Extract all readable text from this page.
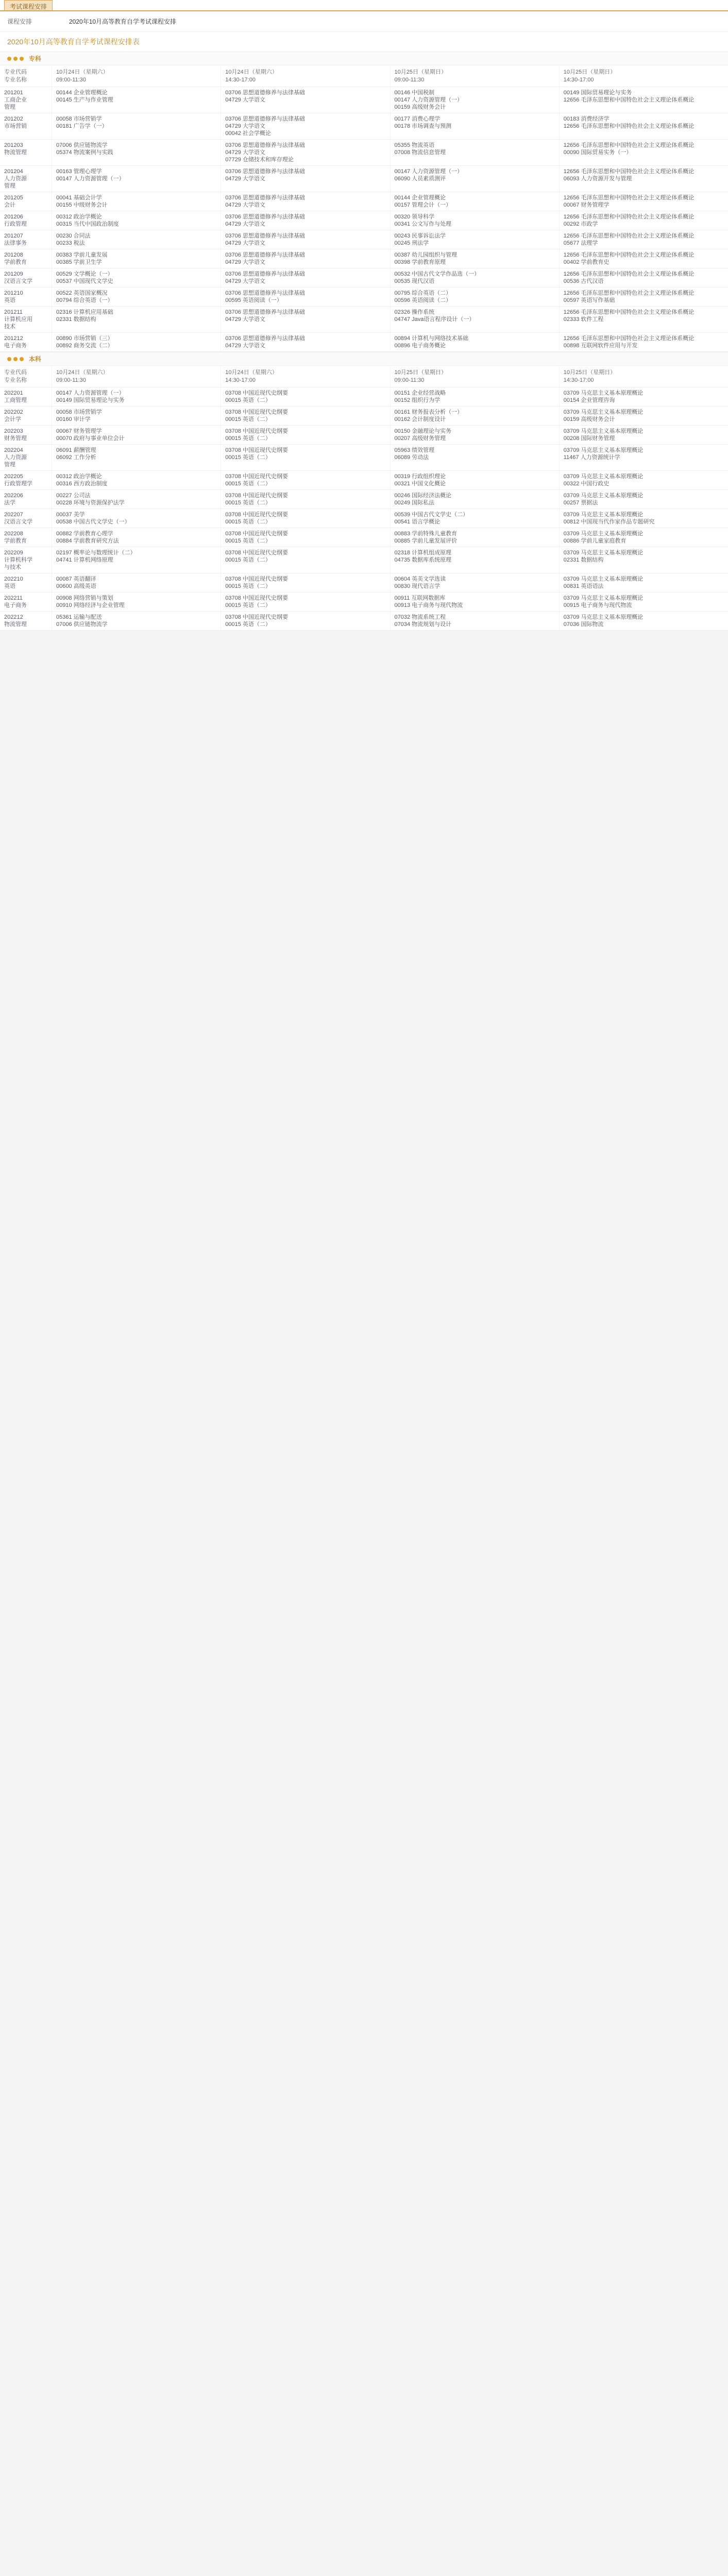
考试课程安排
课程安排	2020年10月高等教育自学考试课程安排
2020年10月高等教育自学考试课程安排表
专科
专业代码
专业名称
10月24日（星期六）
09:00-11:30
10月24日（星期六）
14:30-17:00
10月25日（星期日）
09:00-11:30
10月25日（星期日）
14:30-17:00
201201
工商企业
管理
00144 企业管理概论
00145 生产与作业管理
03706 思想道德修养与法律基础
04729 大学语文
00146 中国税制
00147 人力资源管理（一）
00159 高级财务会计
00149 国际贸易理论与实务
12656 毛泽东思想和中国特色社会主义理论体系概论
201202
市场营销
00058 市场营销学
00181 广告学（一）
03706 思想道德修养与法律基础
04729 大学语文
00042 社会学概论
00177 消费心理学
00178 市场调查与预测
00183 消费经济学
12656 毛泽东思想和中国特色社会主义理论体系概论
201203
物流管理
07006 供应链物流学
05374 物流案例与实践
03706 思想道德修养与法律基础
04729 大学语文
07729 仓储技术和库存理论
05355 物流英语
07008 物流信息管理
12656 毛泽东思想和中国特色社会主义理论体系概论
00090 国际贸易实务（一）
201204
人力资源
管理
00163 管理心理学
00147 人力资源管理（一）
03706 思想道德修养与法律基础
04729 大学语文
00147 人力资源管理（一）
06090 人员素质测评
12656 毛泽东思想和中国特色社会主义理论体系概论
06093 人力资源开发与管理
201205
会计
00041 基础会计学
00155 中级财务会计
03706 思想道德修养与法律基础
04729 大学语文
00144 企业管理概论
00157 管理会计（一）
12656 毛泽东思想和中国特色社会主义理论体系概论
00067 财务管理学
201206
行政管理
00312 政治学概论
00315 当代中国政治制度
03706 思想道德修养与法律基础
04729 大学语文
00320 领导科学
00341 公文写作与处理
12656 毛泽东思想和中国特色社会主义理论体系概论
00292 市政学
201207
法律事务
00230 合同法
00233 税法
03706 思想道德修养与法律基础
04729 大学语文
00243 民事诉讼法学
00245 刑法学
12656 毛泽东思想和中国特色社会主义理论体系概论
05677 法理学
201208
学前教育
00383 学前儿童发展
00385 学前卫生学
03706 思想道德修养与法律基础
04729 大学语文
00387 幼儿园组织与管理
00398 学前教育原理
12656 毛泽东思想和中国特色社会主义理论体系概论
00402 学前教育史
201209
汉语言文学
00529 文学概论（一）
00537 中国现代文学史
03706 思想道德修养与法律基础
04729 大学语文
00532 中国古代文学作品选（一）
00535 现代汉语
12656 毛泽东思想和中国特色社会主义理论体系概论
00536 古代汉语
201210
英语
00522 英语国家概况
00794 综合英语（一）
03706 思想道德修养与法律基础
00595 英语阅读（一）
00795 综合英语（二）
00596 英语阅读（二）
12656 毛泽东思想和中国特色社会主义理论体系概论
00597 英语写作基础
201211
计算机应用
技术
02316 计算机应用基础
02331 数据结构
03706 思想道德修养与法律基础
04729 大学语文
02326 操作系统
04747 Java语言程序设计（一）
12656 毛泽东思想和中国特色社会主义理论体系概论
02333 软件工程
201212
电子商务
00890 市场营销（三）
00892 商务交流（二）
03706 思想道德修养与法律基础
04729 大学语文
00894 计算机与网络技术基础
00896 电子商务概论
12656 毛泽东思想和中国特色社会主义理论体系概论
00898 互联网软件应用与开发
本科
专业代码
专业名称
10月24日（星期六）
09:00-11:30
10月24日（星期六）
14:30-17:00
10月25日（星期日）
09:00-11:30
10月25日（星期日）
14:30-17:00
202201
工商管理
00147 人力资源管理（一）
00149 国际贸易理论与实务
03708 中国近现代史纲要
00015 英语（二）
00151 企业经营战略
00152 组织行为学
03709 马克思主义基本原理概论
00154 企业管理咨询
202202
会计学
00058 市场营销学
00160 审计学
03708 中国近现代史纲要
00015 英语（二）
00161 财务报表分析（一）
00162 会计制度设计
03709 马克思主义基本原理概论
00159 高级财务会计
202203
财务管理
00067 财务管理学
00070 政府与事业单位会计
03708 中国近现代史纲要
00015 英语（二）
00150 金融理论与实务
00207 高级财务管理
03709 马克思主义基本原理概论
00208 国际财务管理
202204
人力资源
管理
06091 薪酬管理
06092 工作分析
03708 中国近现代史纲要
00015 英语（二）
05963 绩效管理
06089 劳动法
03709 马克思主义基本原理概论
11467 人力资源统计学
202205
行政管理学
00312 政治学概论
00316 西方政治制度
03708 中国近现代史纲要
00015 英语（二）
00319 行政组织理论
00321 中国文化概论
03709 马克思主义基本原理概论
00322 中国行政史
202206
法学
00227 公司法
00228 环境与资源保护法学
03708 中国近现代史纲要
00015 英语（二）
00246 国际经济法概论
00249 国际私法
03709 马克思主义基本原理概论
00257 票据法
202207
汉语言文学
00037 美学
00538 中国古代文学史（一）
03708 中国近现代史纲要
00015 英语（二）
00539 中国古代文学史（二）
00541 语言学概论
03709 马克思主义基本原理概论
00812 中国现当代作家作品专题研究
202208
学前教育
00882 学前教育心理学
00884 学前教育研究方法
03708 中国近现代史纲要
00015 英语（二）
00883 学前特殊儿童教育
00885 学前儿童发展评价
03709 马克思主义基本原理概论
00886 学前儿童家庭教育
202209
计算机科学
与技术
02197 概率论与数理统计（二）
04741 计算机网络原理
03708 中国近现代史纲要
00015 英语（二）
02318 计算机组成原理
04735 数据库系统原理
03709 马克思主义基本原理概论
02331 数据结构
202210
英语
00087 英语翻译
00600 高级英语
03708 中国近现代史纲要
00015 英语（二）
00604 英美文学选读
00830 现代语言学
03709 马克思主义基本原理概论
00831 英语语法
202211
电子商务
00908 网络营销与策划
00910 网络经济与企业管理
03708 中国近现代史纲要
00015 英语（二）
00911 互联网数据库
00913 电子商务与现代物流
03709 马克思主义基本原理概论
00915 电子商务与现代物流
202212
物流管理
05361 运输与配送
07006 供应链物流学
03708 中国近现代史纲要
00015 英语（二）
07032 物流系统工程
07034 物流规划与设计
03709 马克思主义基本原理概论
07036 国际物流
